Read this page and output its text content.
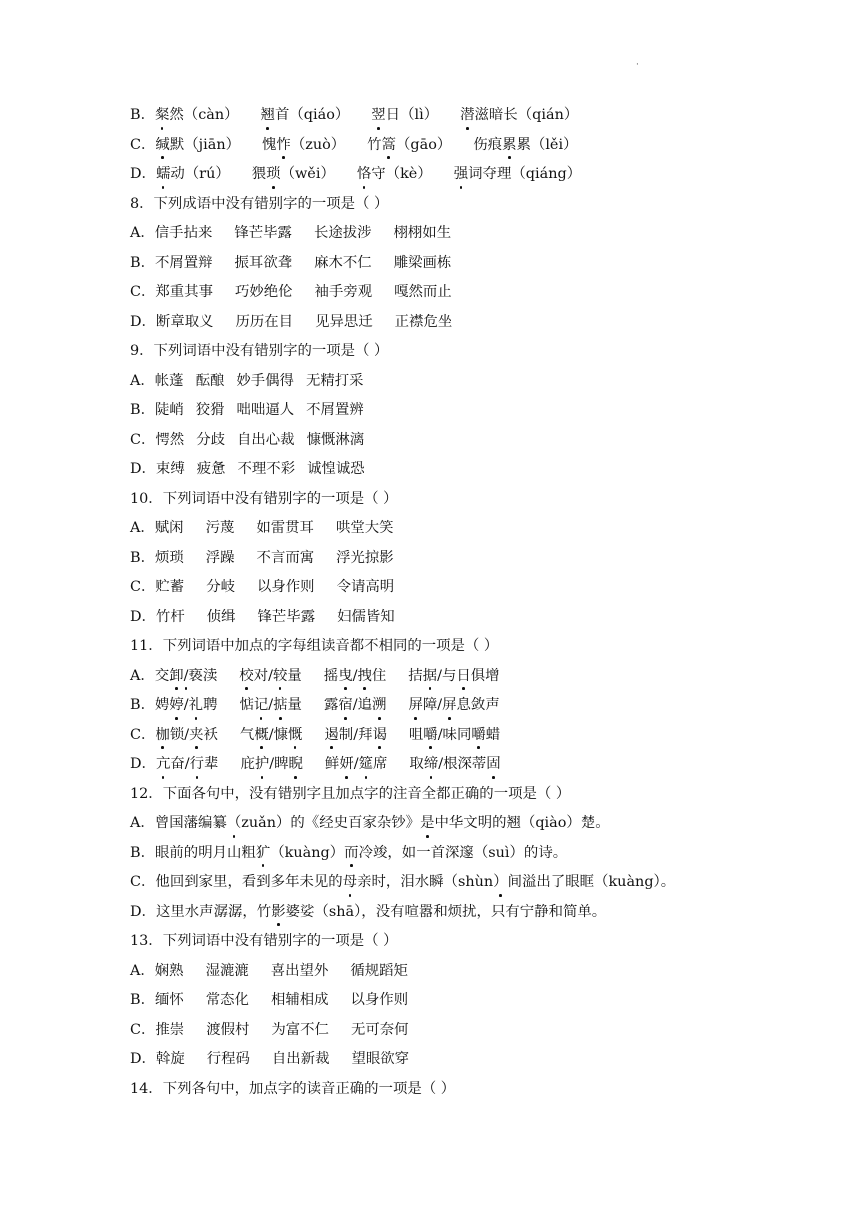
·
B．粲然（càn） 翘首（qiáo） 翌日（lì） 潜滋暗长（qián）
C．缄默（jiān） 愧怍（zuò） 竹篙（gāo） 伤痕累累（lěi）
D．蠕动（rú） 猥琐（wěi） 恪守（kè） 强词夺理（qiáng）
8．下列成语中没有错别字的一项是（ ）
A．信手拈来 锋芒毕露 长途拔涉 栩栩如生
B．不屑置辩 振耳欲聋 麻木不仁 雕梁画栋
C．郑重其事 巧妙绝伦 袖手旁观 嘎然而止
D．断章取义 历历在目 见异思迁 正襟危坐
9．下列词语中没有错别字的一项是（ ）
A．帐蓬 酝酿 妙手偶得 无精打采
B．陡峭 狡猾 咄咄逼人 不屑置辨
C．愕然 分歧 自出心裁 慷慨淋漓
D．束缚 疲惫 不理不彩 诚惶诚恐
10．下列词语中没有错别字的一项是（ ）
A．赋闲 污蔑 如雷贯耳 哄堂大笑
B．烦琐 浮躁 不言而寓 浮光掠影
C．贮蓄 分岐 以身作则 令请高明
D．竹杆 侦缉 锋芒毕露 妇儒皆知
11．下列词语中加点的字每组读音都不相同的一项是（ ）
A．交卸/亵渎 校对/较量 摇曳/拽住 拮据/与日俱增
B．娉婷/礼聘 惦记/掂量 露宿/追溯 屏障/屏息敛声
C．枷锁/夹袄 气概/慷慨 遏制/拜谒 咀嚼/味同嚼蜡
D．亢奋/行辈 庇护/睥睨 鲜妍/筵席 取缔/根深蒂固
12．下面各句中，没有错别字且加点字的注音全都正确的一项是（ ）
A．曾国藩编纂（zuǎn）的《经史百家杂钞》是中华文明的翘（qiào）楚。
B．眼前的明月山粗犷（kuàng）而冷竣，如一首深邃（suì）的诗。
C．他回到家里，看到多年未见的母亲时，泪水瞬（shùn）间溢出了眼眶（kuàng）。
D．这里水声潺潺，竹影婆娑（shā），没有喧嚣和烦扰，只有宁静和简单。
13．下列词语中没有错别字的一项是（ ）
A．娴熟 湿漉漉 喜出望外 循规蹈矩
B．缅怀 常态化 相辅相成 以身作则
C．推崇 渡假村 为富不仁 无可奈何
D．斡旋 行程码 自出新裁 望眼欲穿
14．下列各句中，加点字的读音正确的一项是（ ）
